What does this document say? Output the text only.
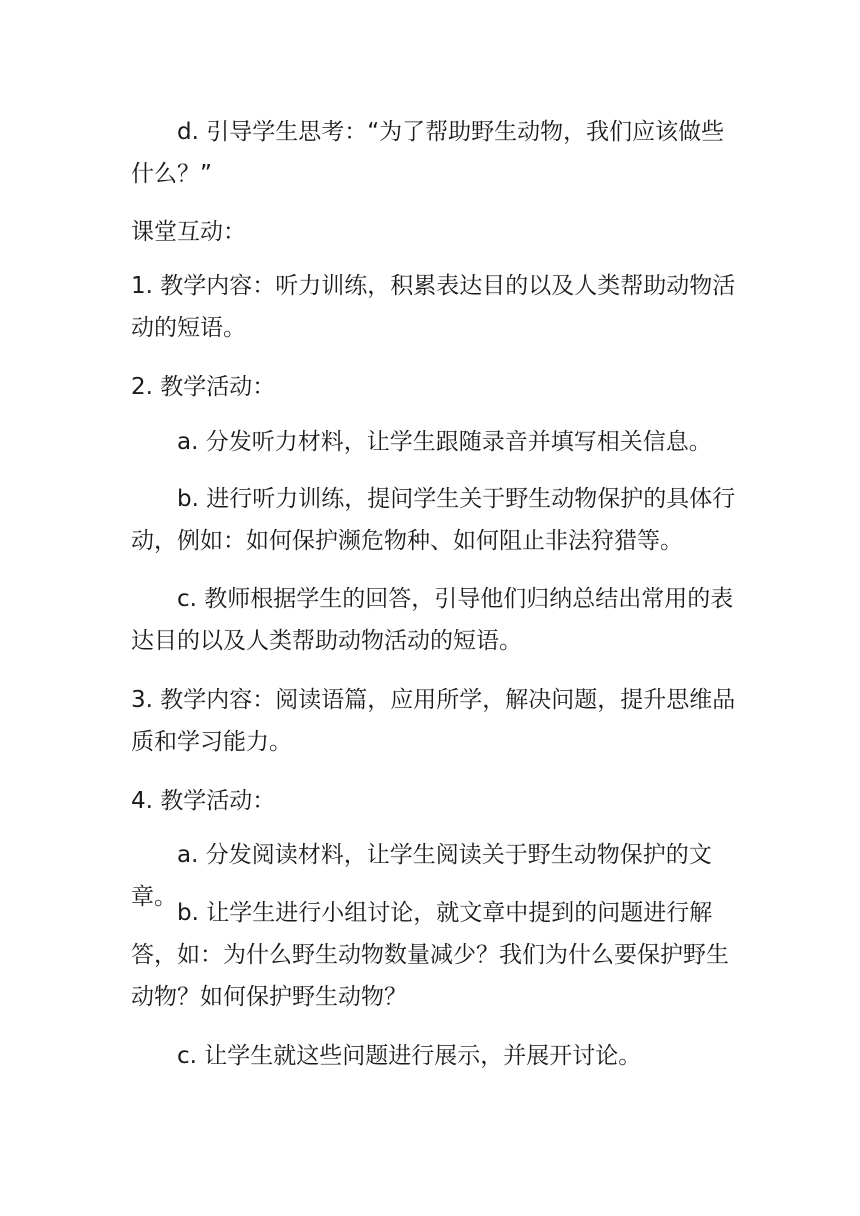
d. 引导学生思考：“为了帮助野生动物，我们应该做些什么？”

课堂互动：

1. 教学内容：听力训练，积累表达目的以及人类帮助动物活动的短语。

2. 教学活动：

a. 分发听力材料，让学生跟随录音并填写相关信息。

b. 进行听力训练，提问学生关于野生动物保护的具体行动，例如：如何保护濒危物种、如何阻止非法狩猎等。

c. 教师根据学生的回答，引导他们归纳总结出常用的表达目的以及人类帮助动物活动的短语。

3. 教学内容：阅读语篇，应用所学，解决问题，提升思维品质和学习能力。

4. 教学活动：

a. 分发阅读材料，让学生阅读关于野生动物保护的文章。

b. 让学生进行小组讨论，就文章中提到的问题进行解答，如：为什么野生动物数量减少？我们为什么要保护野生动物？如何保护野生动物？

c. 让学生就这些问题进行展示，并展开讨论。
